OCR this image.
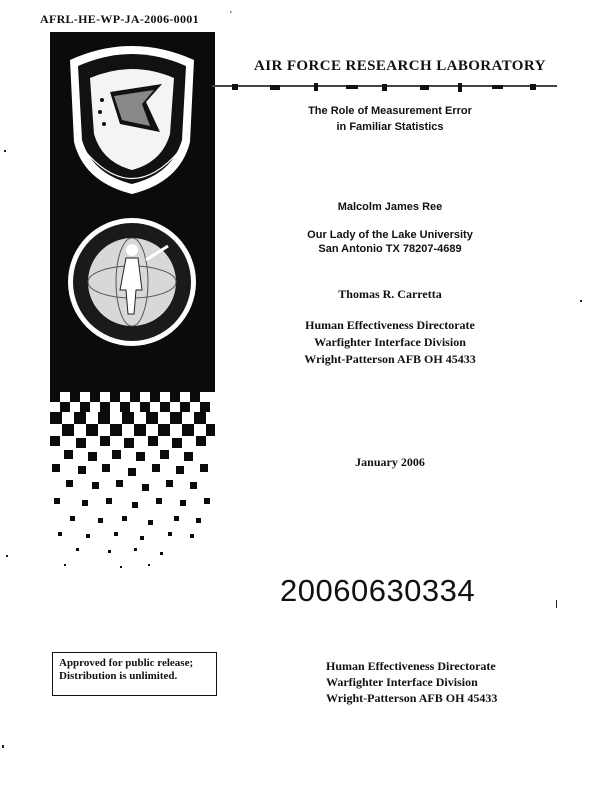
AFRL-HE-WP-JA-2006-0001	'
AIR FORCE RESEARCH LABORATORY
The Role of Measurement Error
in Familiar Statistics
Malcolm James Ree
Our Lady of the Lake University
San Antonio TX 78207-4689
Thomas R. Carretta
Human Effectiveness Directorate
Warfighter Interface Division
Wright-Patterson AFB OH 45433
January 2006
20060630334
Approved for public release;
Distribution is unlimited.
Human Effectiveness Directorate
Warfighter Interface Division
Wright-Patterson AFB OH 45433
